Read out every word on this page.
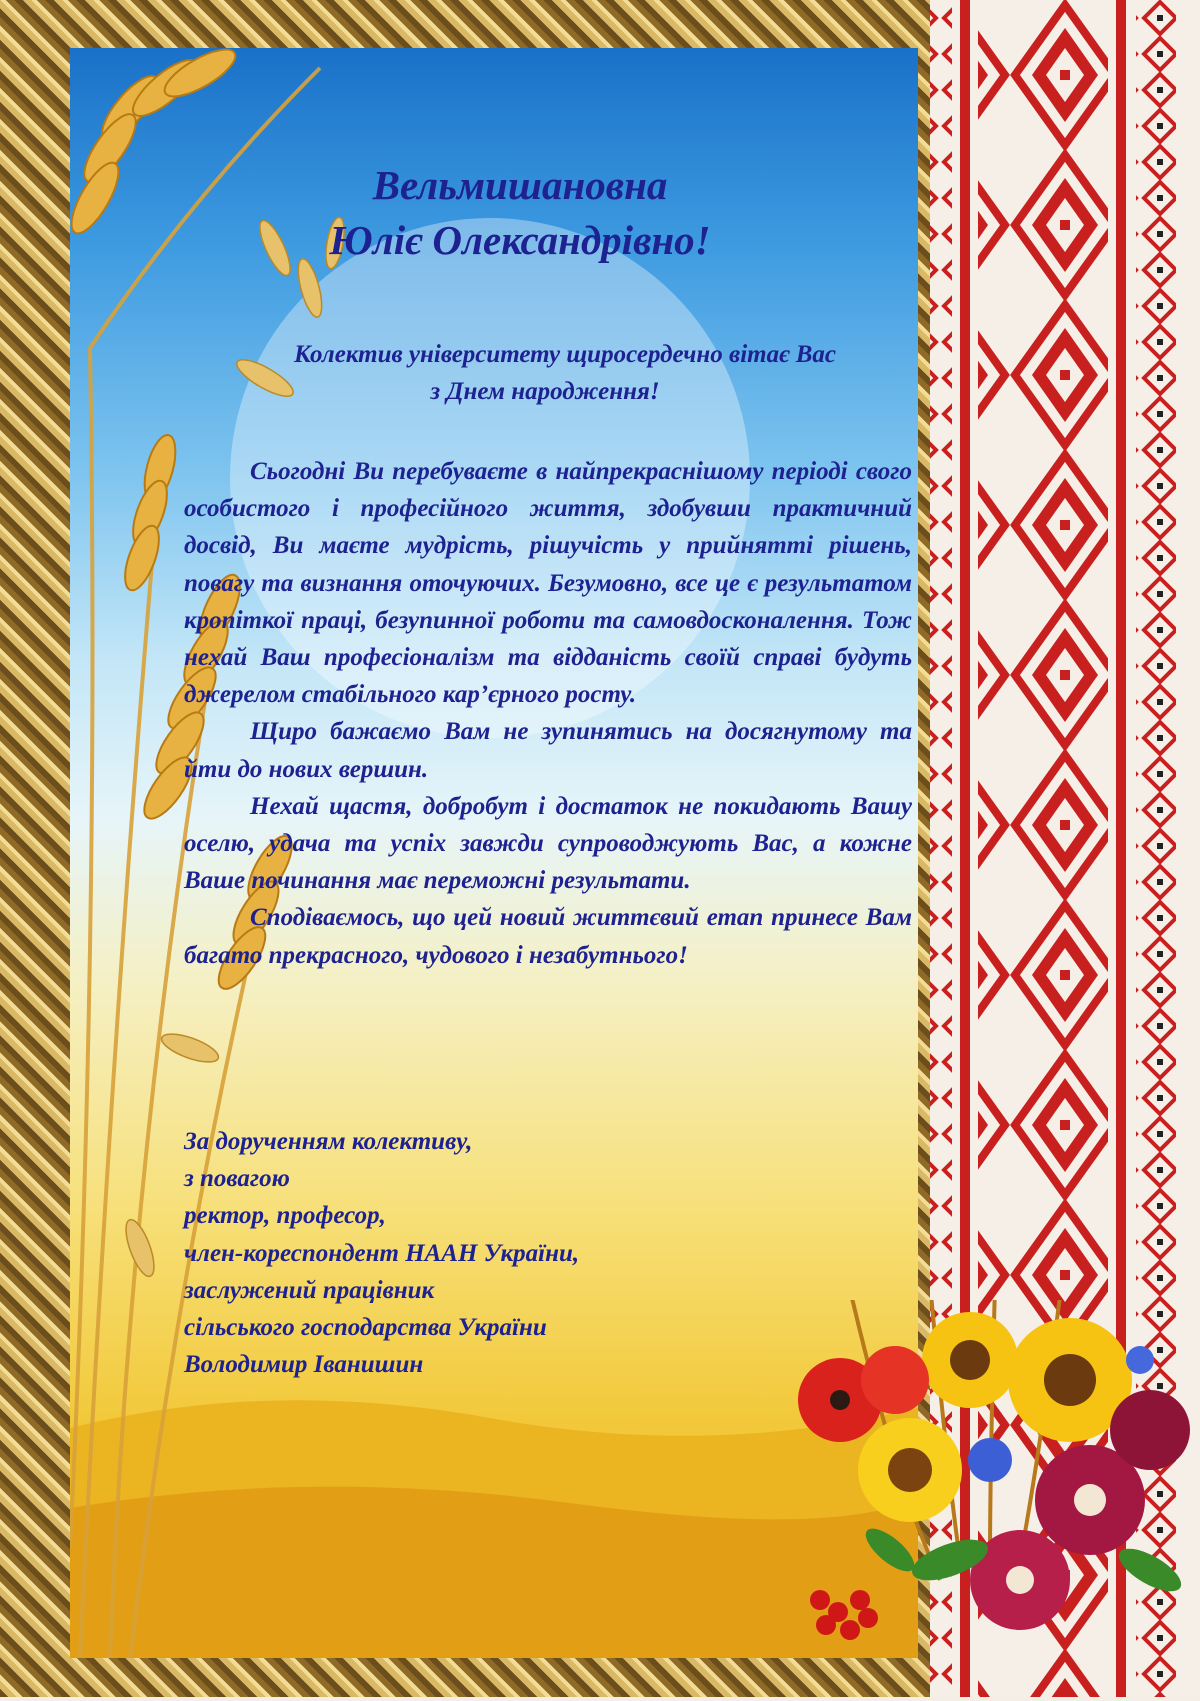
Вельмишановна
Юліє Олександрівно!
Колектив університету щиросердечно вітає Вас
з Днем народження!

Сьогодні Ви перебуваєте в найпрекраснішому періоді свого особистого і професійного життя, здобувши практичний досвід, Ви маєте мудрість, рішучість у прийнятті рішень, повагу та визнання оточуючих. Безумовно, все це є результатом кропіткої праці, безупинної роботи та самовдосконалення. Тож нехай Ваш професіоналізм та відданість своїй справі будуть джерелом стабільного кар’єрного росту.

Щиро бажаємо Вам не зупинятись на досягнутому та йти до нових вершин.

Нехай щастя, добробут і достаток не покидають Вашу оселю, удача та успіх завжди супроводжують Вас, а кожне Ваше починання має переможні результати.

Сподіваємось, що цей новий життєвий етап принесе Вам багато прекрасного, чудового і незабутнього!

За дорученням колективу,
з повагою
ректор, професор,
член-кореспондент НААН України,
заслужений працівник
сільського господарства України
Володимир Іванишин
